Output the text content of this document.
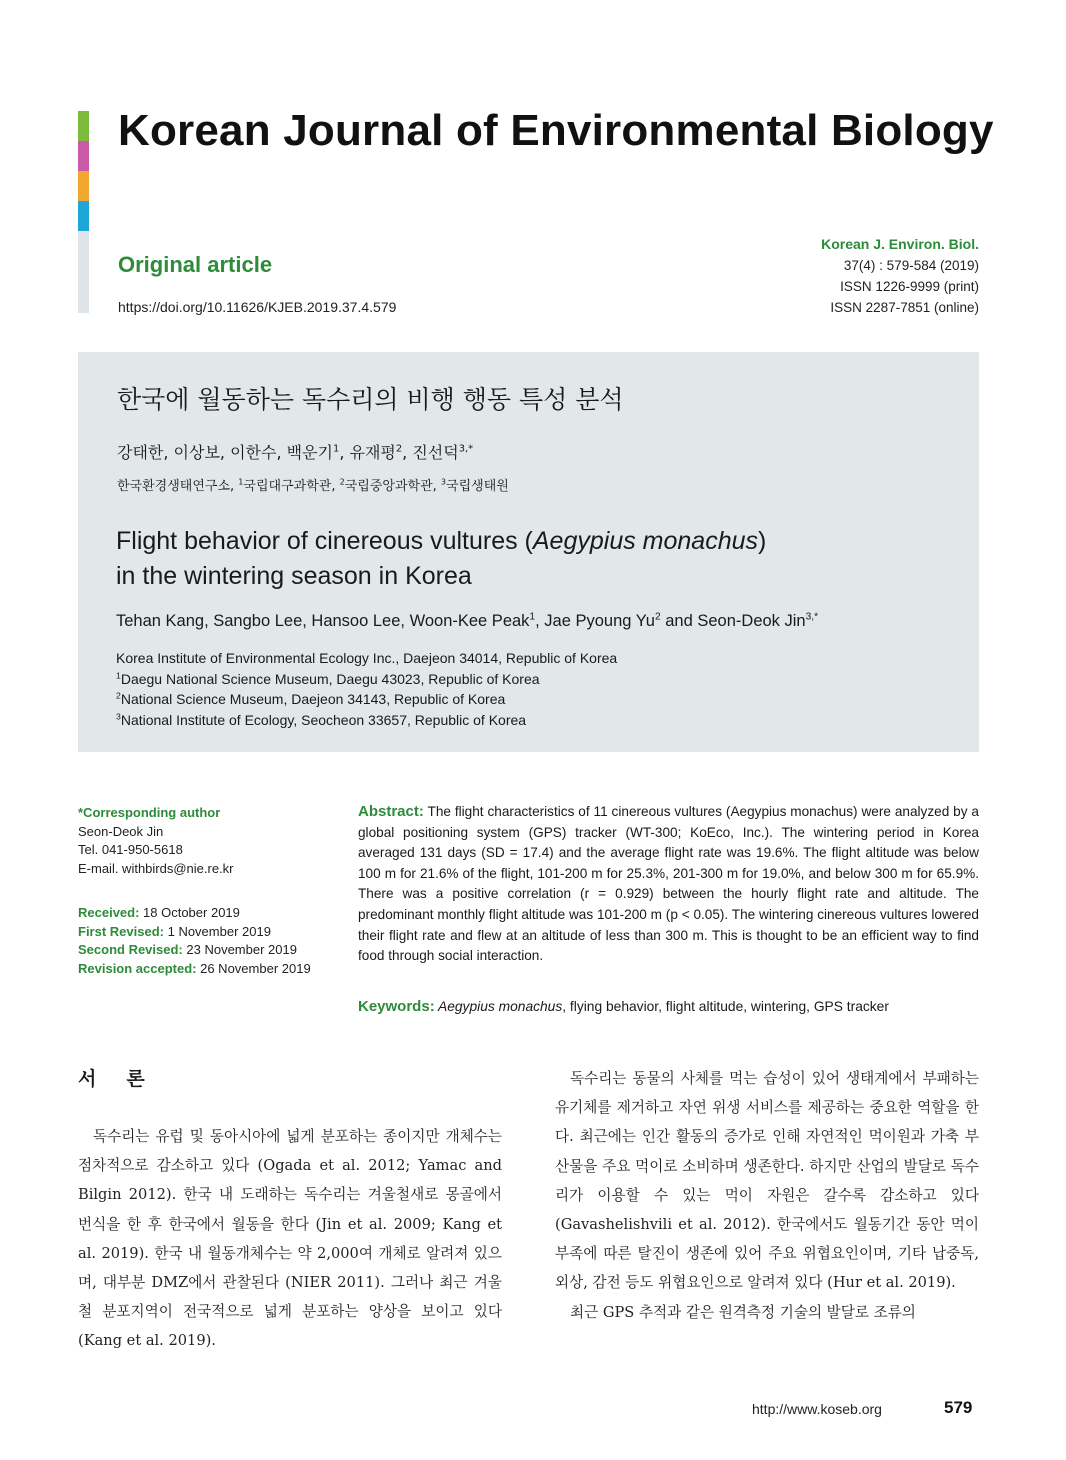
Korean Journal of Environmental Biology
Original article
https://doi.org/10.11626/KJEB.2019.37.4.579
Korean J. Environ. Biol.
37(4) : 579-584 (2019)
ISSN 1226-9999 (print)
ISSN 2287-7851 (online)
한국에 월동하는 독수리의 비행 행동 특성 분석
강태한, 이상보, 이한수, 백운기$^1$, 유재평$^2$, 진선덕$^{3,*}$
한국환경생태연구소, $^1$국립대구과학관, $^2$국립중앙과학관, $^3$국립생태원
Flight behavior of cinereous vultures (Aegypius monachus)
in the wintering season in Korea
Tehan Kang, Sangbo Lee, Hansoo Lee, Woon-Kee Peak$^1$, Jae Pyoung Yu$^2$ and Seon-Deok Jin$^{3,*}$
Korea Institute of Environmental Ecology Inc., Daejeon 34014, Republic of Korea
$^1$Daegu National Science Museum, Daegu 43023, Republic of Korea
$^2$National Science Museum, Daejeon 34143, Republic of Korea
$^3$National Institute of Ecology, Seocheon 33657, Republic of Korea
*Corresponding author
Seon-Deok Jin
Tel. 041-950-5618
E-mail. withbirds@nie.re.kr
Received: 18 October 2019
First Revised: 1 November 2019
Second Revised: 23 November 2019
Revision accepted: 26 November 2019
Abstract: The flight characteristics of 11 cinereous vultures (Aegypius monachus) were analyzed by a global positioning system (GPS) tracker (WT-300; KoEco, Inc.). The wintering period in Korea averaged 131 days (SD = 17.4) and the average flight rate was 19.6%. The flight altitude was below 100 m for 21.6% of the flight, 101-200 m for 25.3%, 201-300 m for 19.0%, and below 300 m for 65.9%. There was a positive correlation (r = 0.929) between the hourly flight rate and altitude. The predominant monthly flight altitude was 101-200 m (p < 0.05). The wintering cinereous vultures lowered their flight rate and flew at an altitude of less than 300 m. This is thought to be an efficient way to find food through social interaction.
Keywords: Aegypius monachus, flying behavior, flight altitude, wintering, GPS tracker
서론

독수리는 유럽 및 동아시아에 넓게 분포하는 종이지만 개체수는 점차적으로 감소하고 있다 (Ogada et al. 2012; Yamac and Bilgin 2012). 한국 내 도래하는 독수리는 겨울철새로 몽골에서 번식을 한 후 한국에서 월동을 한다 (Jin et al. 2009; Kang et al. 2019). 한국 내 월동개체수는 약 2,000여 개체로 알려져 있으며, 대부분 DMZ에서 관찰된다 (NIER 2011). 그러나 최근 겨울철 분포지역이 전국적으로 넓게 분포하는 양상을 보이고 있다 (Kang et al. 2019).

독수리는 동물의 사체를 먹는 습성이 있어 생태계에서 부패하는 유기체를 제거하고 자연 위생 서비스를 제공하는 중요한 역할을 한다. 최근에는 인간 활동의 증가로 인해 자연적인 먹이원과 가축 부산물을 주요 먹이로 소비하며 생존한다. 하지만 산업의 발달로 독수리가 이용할 수 있는 먹이 자원은 갈수록 감소하고 있다 (Gavashelishvili et al. 2012). 한국에서도 월동기간 동안 먹이 부족에 따른 탈진이 생존에 있어 주요 위협요인이며, 기타 납중독, 외상, 감전 등도 위협요인으로 알려져 있다 (Hur et al. 2019).

최근 GPS 추적과 같은 원격측정 기술의 발달로 조류의

http://www.koseb.org	579
